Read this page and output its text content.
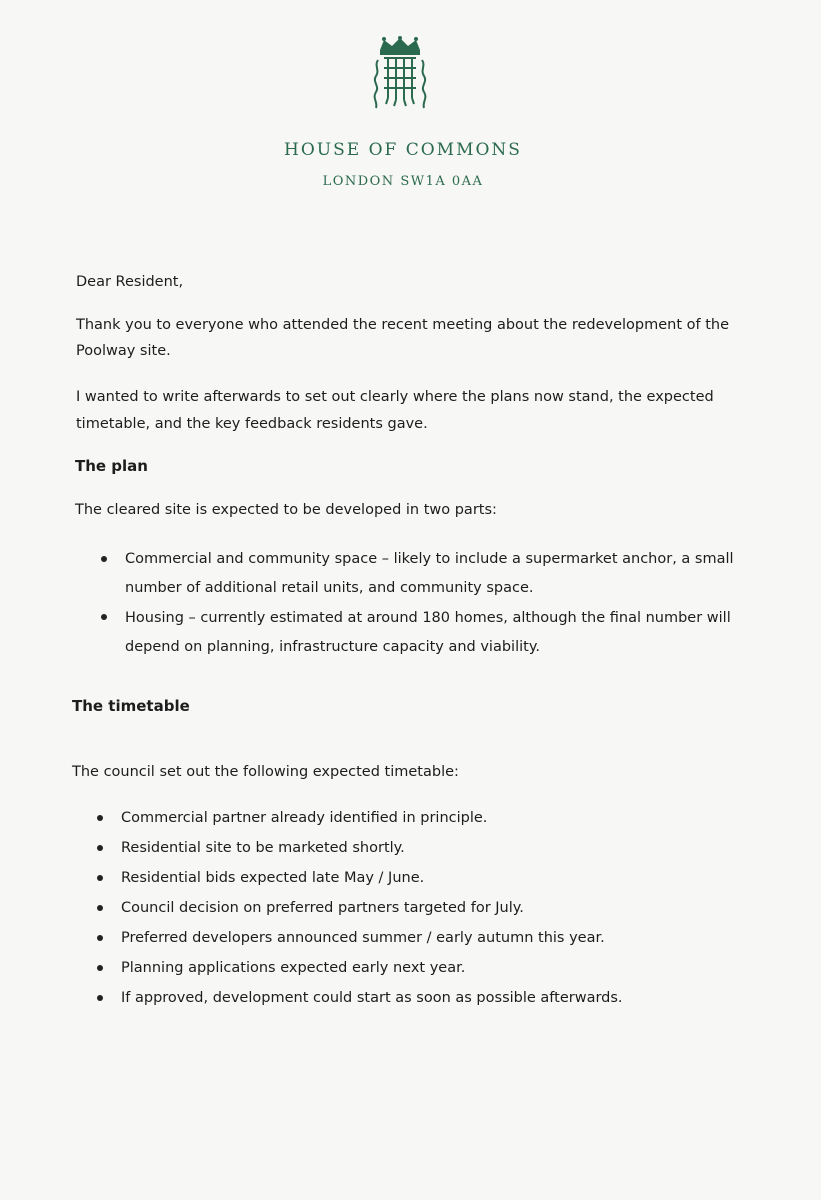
HOUSE OF COMMONS
LONDON SW1A 0AA
Dear Resident,
Thank you to everyone who attended the recent meeting about the redevelopment of the
Poolway site.
I wanted to write afterwards to set out clearly where the plans now stand, the expected
timetable, and the key feedback residents gave.
The plan
The cleared site is expected to be developed in two parts:
Commercial and community space – likely to include a supermarket anchor, a small
number of additional retail units, and community space.
Housing – currently estimated at around 180 homes, although the final number will
depend on planning, infrastructure capacity and viability.
The timetable
The council set out the following expected timetable:
Commercial partner already identified in principle.
Residential site to be marketed shortly.
Residential bids expected late May / June.
Council decision on preferred partners targeted for July.
Preferred developers announced summer / early autumn this year.
Planning applications expected early next year.
If approved, development could start as soon as possible afterwards.
